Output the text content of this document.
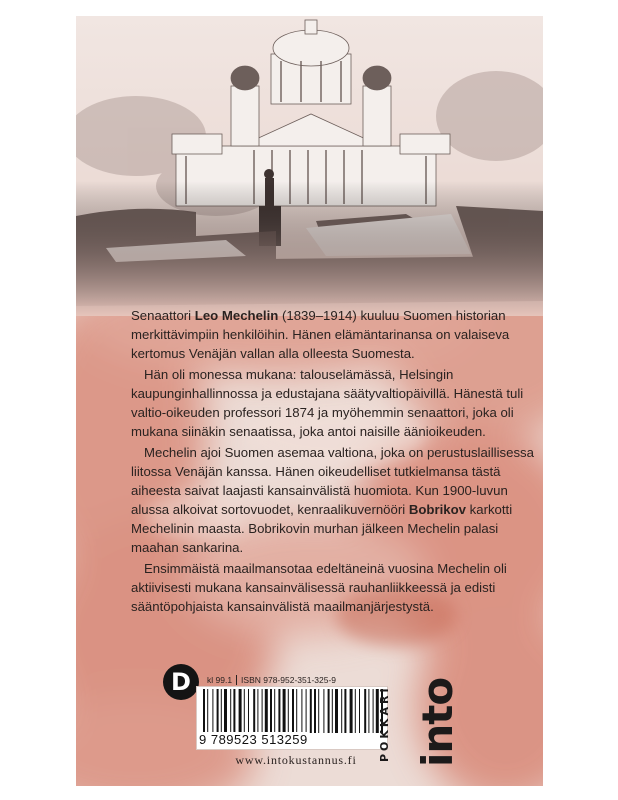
Senaattori Leo Mechelin (1839–1914) kuuluu Suomen historian merkittävimpiin henkilöihin. Hänen elämäntarinansa on valaiseva kertomus Venäjän vallan alla olleesta Suomesta.

Hän oli monessa mukana: talouselämässä, Helsingin kaupunginhallinnossa ja edustajana säätyvaltiopäivillä. Hänestä tuli valtio-oikeuden professori 1874 ja myöhemmin senaattori, joka oli mukana siinäkin senaatissa, joka antoi naisille äänioikeuden.

Mechelin ajoi Suomen asemaa valtiona, joka on perustuslaillisessa liitossa Venäjän kanssa. Hänen oikeudelliset tutkielmansa tästä aiheesta saivat laajasti kansainvälistä huomiota. Kun 1900-luvun alussa alkoivat sortovuodet, kenraalikuvernööri Bobrikov karkotti Mechelinin maasta. Bobrikovin murhan jälkeen Mechelin palasi maahan sankarina.

Ensimmäistä maailmansotaa edeltäneinä vuosina Mechelin oli aktiivisesti mukana kansainvälisessä rauhanliikkeessä ja edisti sääntöpohjaista kansainvälistä maailmanjärjestystä.

D	kl 99.1 ISBN 978-952-351-325-9
9 789523 513259
www.intokustannus.fi	into
POKKARI
